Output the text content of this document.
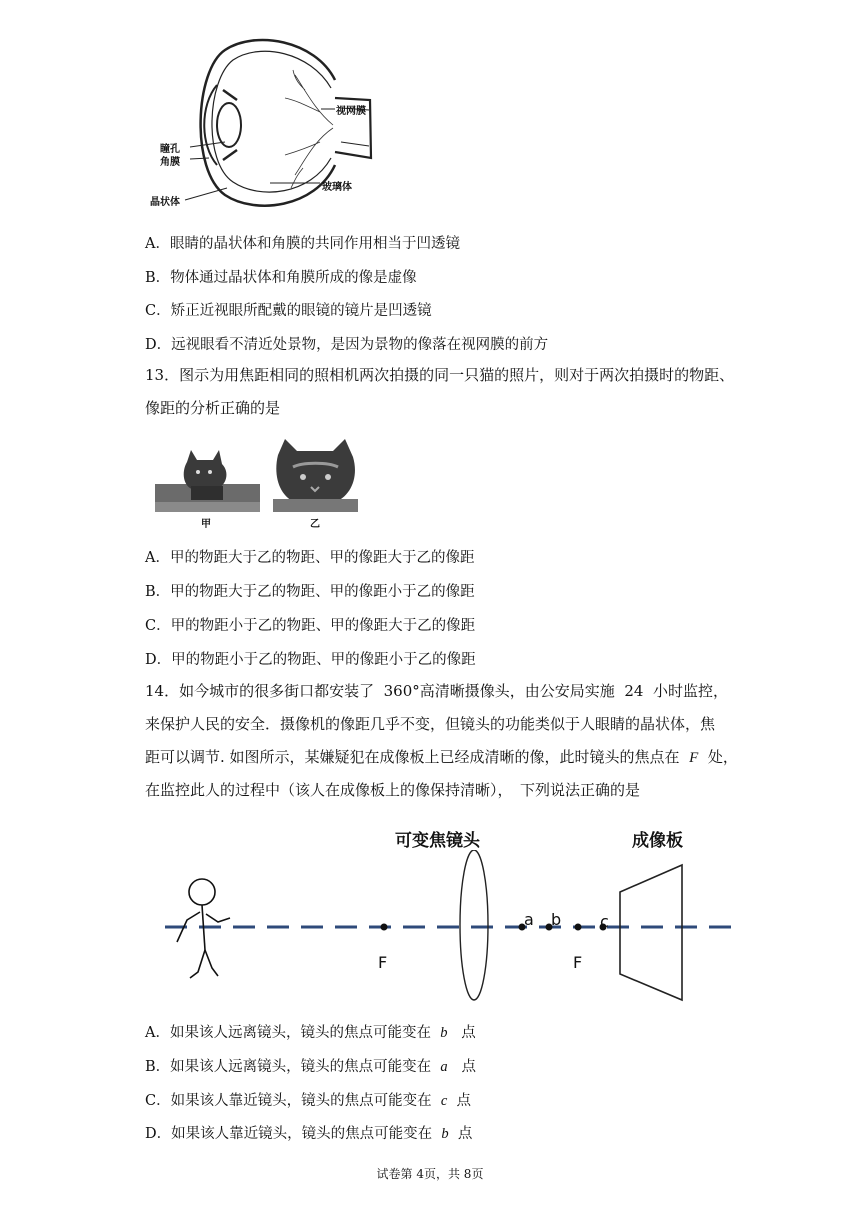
视网膜
瞳孔
角膜
玻璃体
晶状体
A．眼睛的晶状体和角膜的共同作用相当于凹透镜
B．物体通过晶状体和角膜所成的像是虚像
C．矫正近视眼所配戴的眼镜的镜片是凹透镜
D．远视眼看不清近处景物，是因为景物的像落在视网膜的前方
13．图示为用焦距相同的照相机两次拍摄的同一只猫的照片，则对于两次拍摄时的物距、
像距的分析正确的是
甲	乙
A．甲的物距大于乙的物距、甲的像距大于乙的像距
B．甲的物距大于乙的物距、甲的像距小于乙的像距
C．甲的物距小于乙的物距、甲的像距大于乙的像距
D．甲的物距小于乙的物距、甲的像距小于乙的像距
14．如今城市的很多街口都安装了 360°高清晰摄像头，由公安局实施 24 小时监控，
来保护人民的安全．摄像机的像距几乎不变，但镜头的功能类似于人眼睛的晶状体，焦
距可以调节. 如图所示，某嫌疑犯在成像板上已经成清晰的像，此时镜头的焦点在 F 处，
在监控此人的过程中（该人在成像板上的像保持清晰），　下列说法正确的是
可变焦镜头	成像板
F	F
a b c
A．如果该人远离镜头，镜头的焦点可能变在 b 点
B．如果该人远离镜头，镜头的焦点可能变在 a 点
C．如果该人靠近镜头，镜头的焦点可能变在 c 点
D．如果该人靠近镜头，镜头的焦点可能变在 b 点
试卷第 4页，共 8页
